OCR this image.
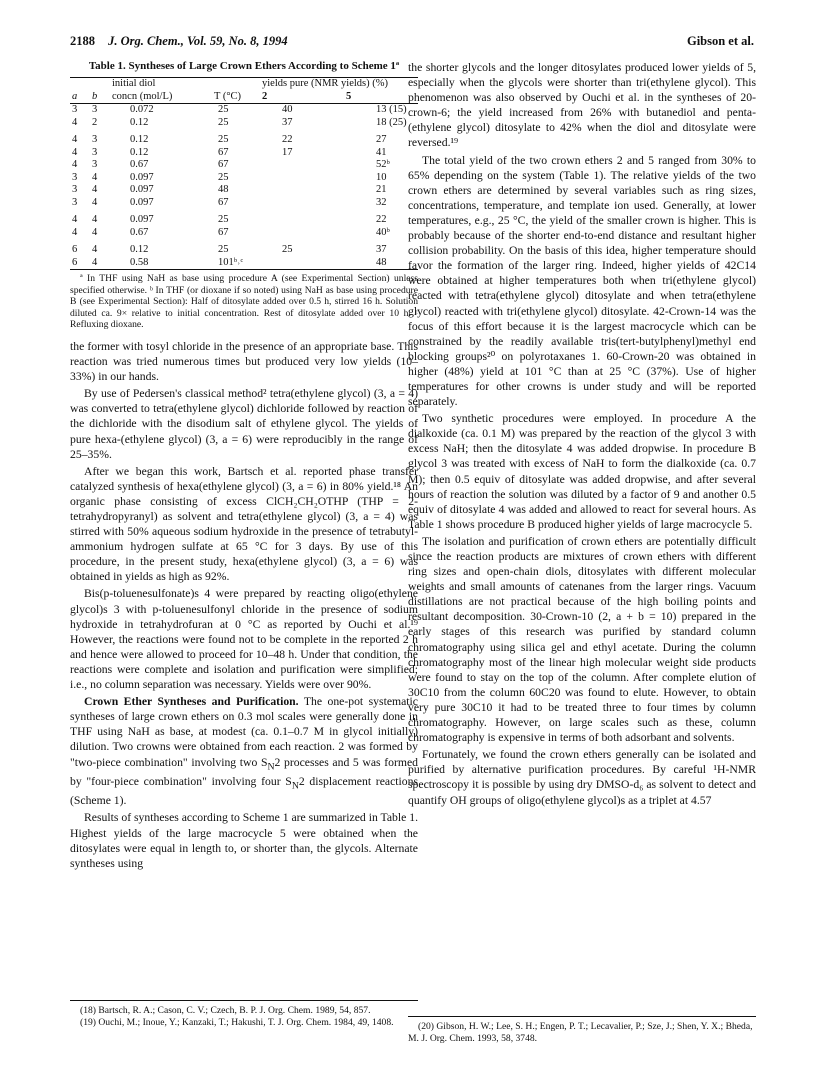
2188 J. Org. Chem., Vol. 59, No. 8, 1994	Gibson et al.
Table 1. Syntheses of Large Crown Ethers According to Scheme 1ª
		initial diol		yields pure (NMR yields) (%)	
a	b	concn (mol/L)	T (°C)	2	5
3	3	0.072	25	40	13 (15)
4	2	0.12	25	37	18 (25)
4	3	0.12	25	22	27
4	3	0.12	67	17	41
4	3	0.67	67		52ᵇ
3	4	0.097	25		10
3	4	0.097	48		21
3	4	0.097	67		32
4	4	0.097	25		22
4	4	0.67	67		40ᵇ
6	4	0.12	25	25	37
6	4	0.58	101ᵇ˒ᶜ		48
ª In THF using NaH as base using procedure A (see Experimental Section) unless specified otherwise. ᵇ In THF (or dioxane if so noted) using NaH as base using procedure B (see Experimental Section): Half of ditosylate added over 0.5 h, stirred 16 h. Solution diluted ca. 9× relative to initial concentration. Rest of ditosylate added over 10 h. ᶜ Refluxing dioxane.

the former with tosyl chloride in the presence of an appropriate base. This reaction was tried numerous times but produced very low yields (10–33%) in our hands.

By use of Pedersen's classical method² tetra(ethylene glycol) (3, a = 4) was converted to tetra(ethylene glycol) dichloride followed by reaction of the dichloride with the disodium salt of ethylene glycol. The yields of pure hexa-(ethylene glycol) (3, a = 6) were reproducibly in the range of 25–35%.

After we began this work, Bartsch et al. reported phase transfer catalyzed synthesis of hexa(ethylene glycol) (3, a = 6) in 80% yield.¹⁸ An organic phase consisting of excess ClCH₂CH₂OTHP (THP = 2-tetrahydropyranyl) as solvent and tetra(ethylene glycol) (3, a = 4) was stirred with 50% aqueous sodium hydroxide in the presence of tetrabutyl-ammonium hydrogen sulfate at 65 °C for 3 days. By use of this procedure, in the present study, hexa(ethylene glycol) (3, a = 6) was obtained in yields as high as 92%.

Bis(p-toluenesulfonate)s 4 were prepared by reacting oligo(ethylene glycol)s 3 with p-toluenesulfonyl chloride in the presence of sodium hydroxide in tetrahydrofuran at 0 °C as reported by Ouchi et al.¹⁹ However, the reactions were found not to be complete in the reported 2 h and hence were allowed to proceed for 10–48 h. Under that condition, the reactions were complete and isolation and purification were simplified; i.e., no column separation was necessary. Yields were over 90%.

Crown Ether Syntheses and Purification. The one-pot systematic syntheses of large crown ethers on 0.3 mol scales were generally done in THF using NaH as base, at modest (ca. 0.1–0.7 M in glycol initially) dilution. Two crowns were obtained from each reaction. 2 was formed by "two-piece combination" involving two $S_N2$ processes and 5 was formed by "four-piece combination" involving four $S_N2$ displacement reactions (Scheme 1).

Results of syntheses according to Scheme 1 are summarized in Table 1. Highest yields of the large macrocycle 5 were obtained when the ditosylates were equal in length to, or shorter than, the glycols. Alternate syntheses using

the shorter glycols and the longer ditosylates produced lower yields of 5, especially when the glycols were shorter than tri(ethylene glycol). This phenomenon was also observed by Ouchi et al. in the syntheses of 20-crown-6; the yield increased from 26% with butanediol and penta-(ethylene glycol) ditosylate to 42% when the diol and ditosylate were reversed.¹⁹

The total yield of the two crown ethers 2 and 5 ranged from 30% to 65% depending on the system (Table 1). The relative yields of the two crown ethers are determined by several variables such as ring sizes, concentrations, temperature, and template ion used. Generally, at lower temperatures, e.g., 25 °C, the yield of the smaller crown is higher. This is probably because of the shorter end-to-end distance and resultant higher collision probability. On the basis of this idea, higher temperature should favor the formation of the larger ring. Indeed, higher yields of 42C14 were obtained at higher temperatures both when tri(ethylene glycol) reacted with tetra(ethylene glycol) ditosylate and when tetra(ethylene glycol) reacted with tri(ethylene glycol) ditosylate. 42-Crown-14 was the focus of this effort because it is the largest macrocycle which can be constrained by the readily available tris(tert-butylphenyl)methyl end blocking groups²⁰ on polyrotaxanes 1. 60-Crown-20 was obtained in higher (48%) yield at 101 °C than at 25 °C (37%). Use of higher temperatures for other crowns is under study and will be reported separately.

Two synthetic procedures were employed. In procedure A the dialkoxide (ca. 0.1 M) was prepared by the reaction of the glycol 3 with excess NaH; then the ditosylate 4 was added dropwise. In procedure B glycol 3 was treated with excess of NaH to form the dialkoxide (ca. 0.7 M); then 0.5 equiv of ditosylate was added dropwise, and after several hours of reaction the solution was diluted by a factor of 9 and another 0.5 equiv of ditosylate 4 was added and allowed to react for several hours. As Table 1 shows procedure B produced higher yields of large macrocycle 5.

The isolation and purification of crown ethers are potentially difficult since the reaction products are mixtures of crown ethers with different ring sizes and open-chain diols, ditosylates with different molecular weights and small amounts of catenanes from the larger rings. Vacuum distillations are not practical because of the high boiling points and resultant decomposition. 30-Crown-10 (2, a + b = 10) prepared in the early stages of this research was purified by standard column chromatography using silica gel and ethyl acetate. During the column chromatography most of the linear high molecular weight side products were found to stay on the top of the column. After complete elution of 30C10 from the column 60C20 was found to elute. However, to obtain very pure 30C10 it had to be treated three to four times by column chromatography. However, on large scales such as these, column chromatography is expensive in terms of both adsorbant and solvents.

Fortunately, we found the crown ethers generally can be isolated and purified by alternative purification procedures. By careful ¹H-NMR spectroscopy it is possible by using dry DMSO-d₆ as solvent to detect and quantify OH groups of oligo(ethylene glycol)s as a triplet at 4.57

(18) Bartsch, R. A.; Cason, C. V.; Czech, B. P. J. Org. Chem. 1989, 54, 857.
(19) Ouchi, M.; Inoue, Y.; Kanzaki, T.; Hakushi, T. J. Org. Chem. 1984, 49, 1408.	(20) Gibson, H. W.; Lee, S. H.; Engen, P. T.; Lecavalier, P.; Sze, J.; Shen, Y. X.; Bheda, M. J. Org. Chem. 1993, 58, 3748.
